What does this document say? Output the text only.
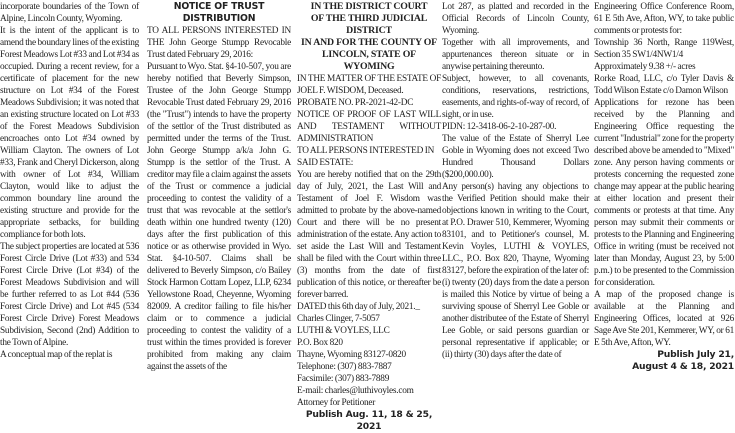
incorporate boundaries of the Town of Alpine, Lincoln County, Wyoming.

It is the intent of the applicant is to amend the boundary lines of the existing Forest Meadows Lot #33 and Lot #34 as occupied. During a recent review, for a certificate of placement for the new structure on Lot #34 of the Forest Meadows Subdivision; it was noted that an existing structure located on Lot #33 of the Forest Meadows Subdivision encroaches onto Lot #34 owned by William Clayton. The owners of Lot #33, Frank and Cheryl Dickerson, along with owner of Lot #34, William Clayton, would like to adjust the common boundary line around the existing structure and provide for the appropriate setbacks, for building compliance for both lots.

The subject properties are located at 536 Forest Circle Drive (Lot #33) and 534 Forest Circle Drive (Lot #34) of the Forest Meadows Subdivision and will be further referred to as Lot #44 (536 Forest Circle Drive) and Lot #45 (534 Forest Circle Drive) Forest Meadows Subdivision, Second (2nd) Addition to the Town of Alpine.

A conceptual map of the replat is

NOTICE OF TRUST

DISTRIBUTION

TO ALL PERSONS INTERESTED IN THE John George Stumpp Revocable Trust dated February 29, 2016:

Pursuant to Wyo. Stat. §4-10-507, you are hereby notified that Beverly Simpson, Trustee of the John George Stumpp Revocable Trust dated February 29, 2016 (the "Trust") intends to have the property of the settlor of the Trust distributed as permitted under the terms of the Trust. John George Stumpp a/k/a John G. Stumpp is the settlor of the Trust. A creditor may file a claim against the assets of the Trust or commence a judicial proceeding to contest the validity of a trust that was revocable at the settlor's death within one hundred twenty (120) days after the first publication of this notice or as otherwise provided in Wyo. Stat. §4-10-507. Claims shall be delivered to Beverly Simpson, c/o Bailey Stock Harmon Cottam Lopez, LLP, 6234 Yellowstone Road, Cheyenne, Wyoming 82009. A creditor failing to file his/her claim or to commence a judicial proceeding to contest the validity of a trust within the times provided is forever prohibited from making any claim against the assets of the

IN THE DISTRICT COURT

OF THE THIRD JUDICIAL DISTRICT

IN AND FOR THE COUNTY OF LINCOLN, STATE OF WYOMING

IN THE MATTER OF THE ESTATE OF JOEL F. WISDOM, Deceased.

PROBATE NO. PR-2021-42-DC

NOTICE OF PROOF OF LAST WILL AND TESTAMENT WITHOUT ADMINISTRATION

TO ALL PERSONS INTERESTED IN SAID ESTATE:

You are hereby notified that on the 29th day of July, 2021, the Last Will and Testament of Joel F. Wisdom was admitted to probate by the above-named Court and there will be no present administration of the estate. Any action to set aside the Last Will and Testament shall be filed with the Court within three (3) months from the date of first publication of this notice, or thereafter be forever barred.

DATED this 6th day of July, 2021._

Charles Clinger, 7-5057

LUTHI & VOYLES, LLC

P.O. Box 820

Thayne, Wyoming 83127-0820

Telephone: (307) 883-7887

Facsimile: (307) 883-7889

E-mail: charles@luthivoyles.com

Attorney for Petitioner

Publish Aug. 11, 18 & 25, 2021

Lot 287, as platted and recorded in the Official Records of Lincoln County, Wyoming.

Together with all improvements, and appurtenances thereon situate or in anywise pertaining thereunto.

Subject, however, to all covenants, conditions, reservations, restrictions, easements, and rights-of-way of record, of sight, or in use.

PIDN: 12-3418-06-2-10-287-00.

The value of the Estate of Sherryl Lee Goble in Wyoming does not exceed Two Hundred Thousand Dollars ($200,000.00).

Any person(s) having any objections to the Verified Petition should make their objections known in writing to the Court, at P.O. Drawer 510, Kemmerer, Wyoming 83101, and to Petitioner's counsel, M. Kevin Voyles, LUTHI & VOYLES, LLC., P.O. Box 820, Thayne, Wyoming 83127, before the expiration of the later of: (i) twenty (20) days from the date a person is mailed this Notice by virtue of being a surviving spouse of Sherryl Lee Goble or another distributee of the Estate of Sherryl Lee Goble, or said persons guardian or personal representative if applicable; or (ii) thirty (30) days after the date of

Engineering Office Conference Room, 61 E 5th Ave, Afton, WY, to take public comments or protests for:

Township 36 North, Range 119West, Section 35 SW1/4NW1/4

Approximately 9.38 +/- acres

Rorke Road, LLC, c/o Tyler Davis & Todd Wilson Estate c/o Damon Wilson

Applications for rezone has been received by the Planning and Engineering Office requesting the current "Industrial" zone for the property described above be amended to "Mixed" zone. Any person having comments or protests concerning the requested zone change may appear at the public hearing at either location and present their comments or protests at that time. Any person may submit their comments or protests to the Planning and Engineering Office in writing (must be received not later than Monday, August 23, by 5:00 p.m.) to be presented to the Commission for consideration.

A map of the proposed change is available at the Planning and Engineering Offices, located at 926 Sage Ave Ste 201, Kemmerer, WY, or 61 E 5th Ave, Afton, WY.

Publish July 21,

August 4 & 18, 2021
